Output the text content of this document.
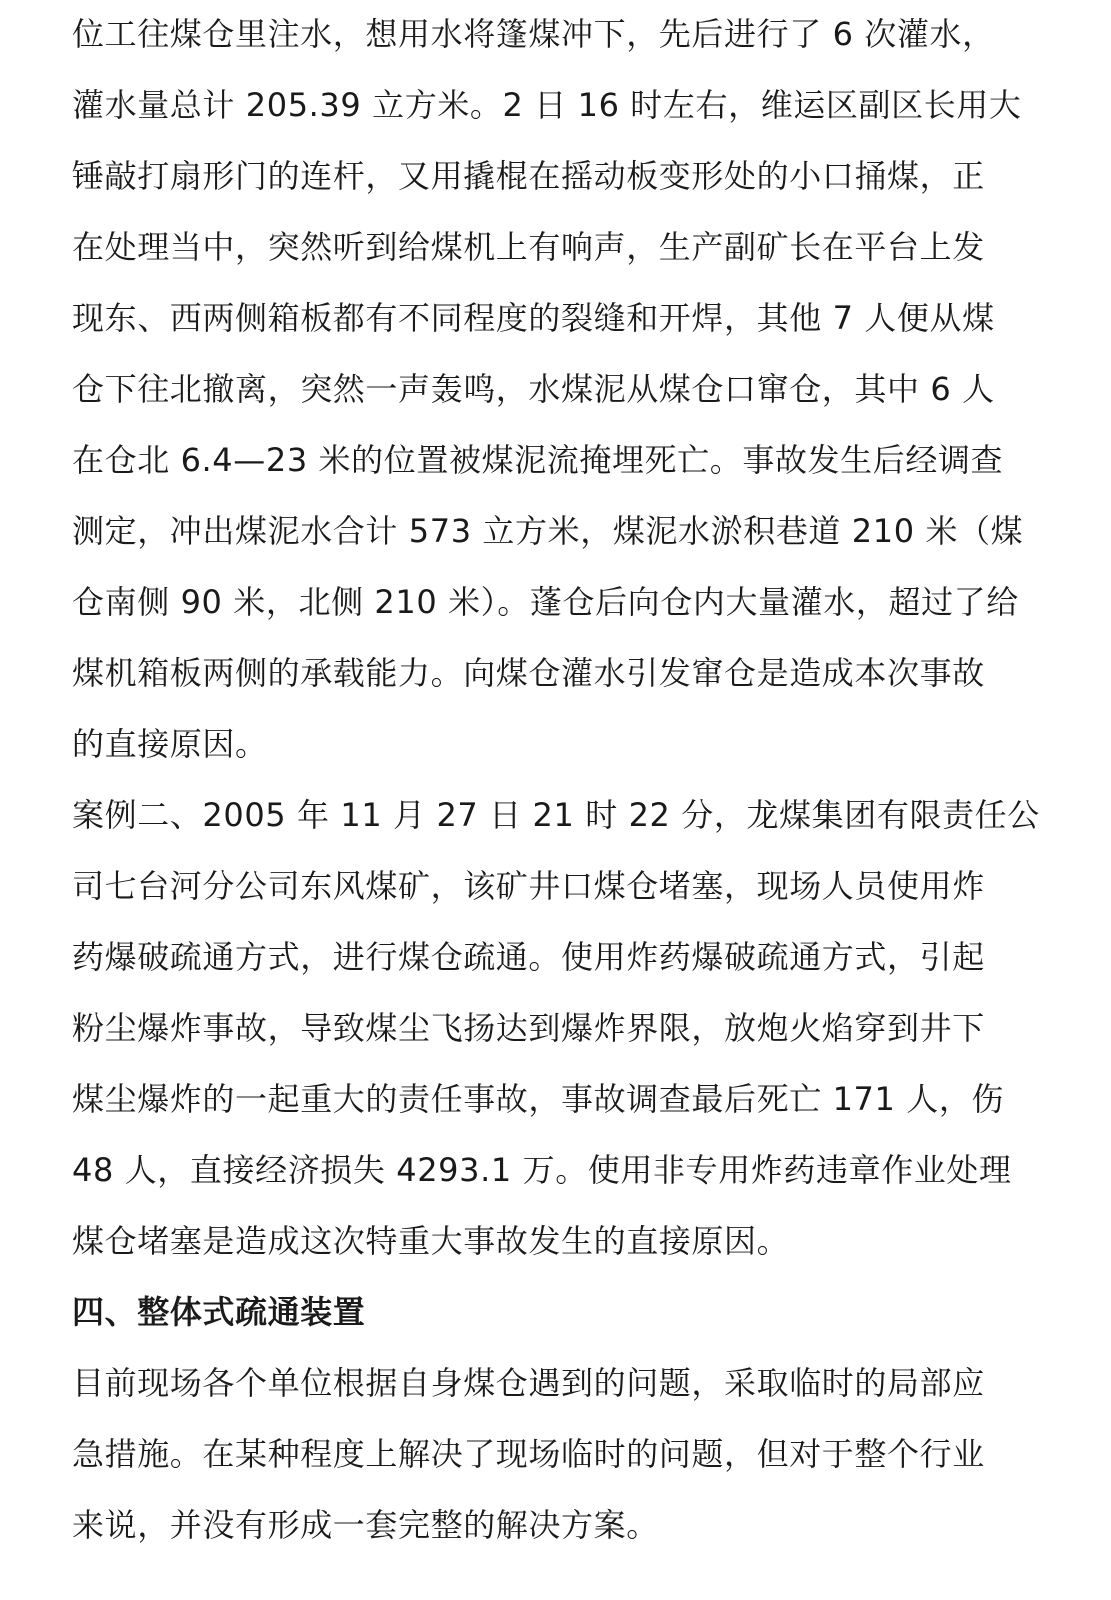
位工往煤仓里注水，想用水将篷煤冲下，先后进行了 6 次灌水，
灌水量总计 205.39 立方米。2 日 16 时左右，维运区副区长用大
锤敲打扇形门的连杆，又用撬棍在摇动板变形处的小口捅煤，正
在处理当中，突然听到给煤机上有响声，生产副矿长在平台上发
现东、西两侧箱板都有不同程度的裂缝和开焊，其他 7 人便从煤
仓下往北撤离，突然一声轰鸣，水煤泥从煤仓口窜仓，其中 6 人
在仓北 6.4—23 米的位置被煤泥流掩埋死亡。事故发生后经调查
测定，冲出煤泥水合计 573 立方米，煤泥水淤积巷道 210 米（煤
仓南侧 90 米，北侧 210 米）。蓬仓后向仓内大量灌水，超过了给
煤机箱板两侧的承载能力。向煤仓灌水引发窜仓是造成本次事故
的直接原因。
案例二、2005 年 11 月 27 日 21 时 22 分，龙煤集团有限责任公
司七台河分公司东风煤矿，该矿井口煤仓堵塞，现场人员使用炸
药爆破疏通方式，进行煤仓疏通。使用炸药爆破疏通方式，引起
粉尘爆炸事故，导致煤尘飞扬达到爆炸界限，放炮火焰穿到井下
煤尘爆炸的一起重大的责任事故，事故调查最后死亡 171 人，伤
48 人，直接经济损失 4293.1 万。使用非专用炸药违章作业处理
煤仓堵塞是造成这次特重大事故发生的直接原因。
四、整体式疏通装置
目前现场各个单位根据自身煤仓遇到的问题，采取临时的局部应
急措施。在某种程度上解决了现场临时的问题，但对于整个行业
来说，并没有形成一套完整的解决方案。
